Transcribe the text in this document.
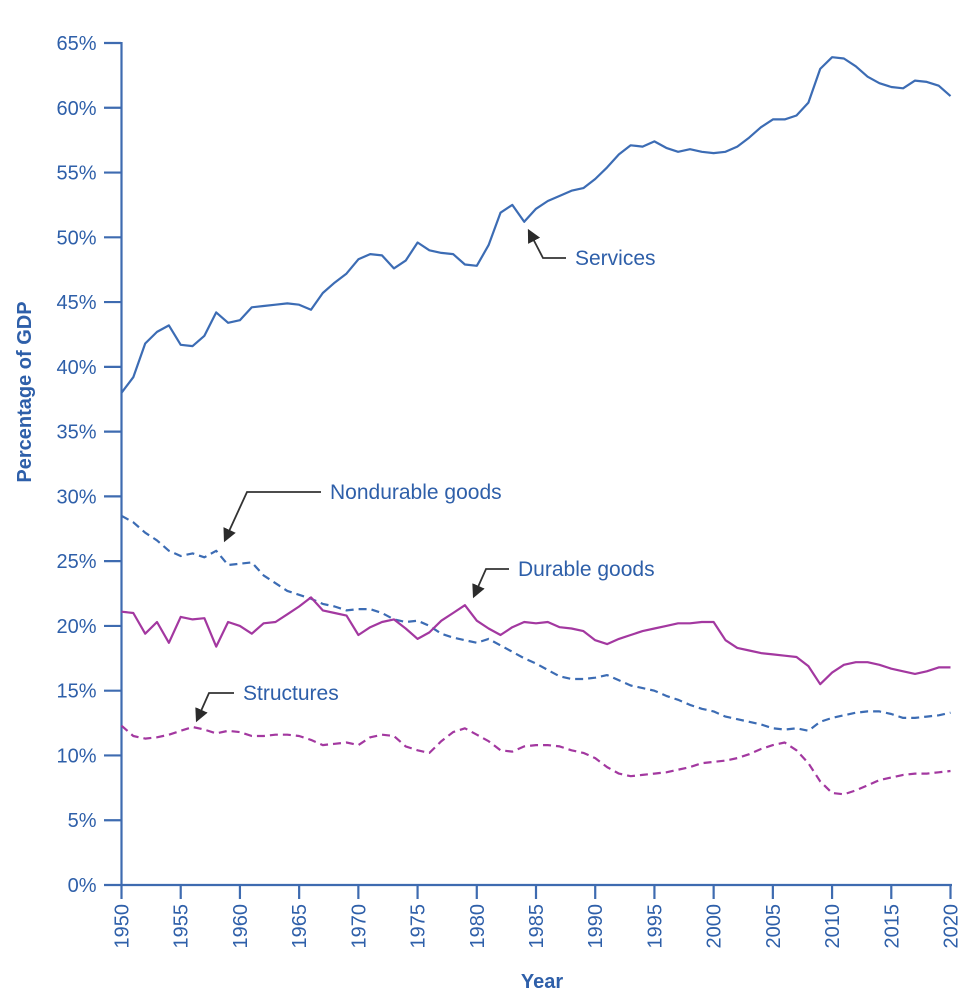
0%
5%
10%
15%
20%
25%
30%
35%
40%
45%
50%
55%
60%
65%
1950 1955 1960 1965 1970 1975 1980 1985 1990 1995 2000 2005 2010 2015 2020
Services
Nondurable goods
Durable goods
Structures
Percentage of GDP
Year
